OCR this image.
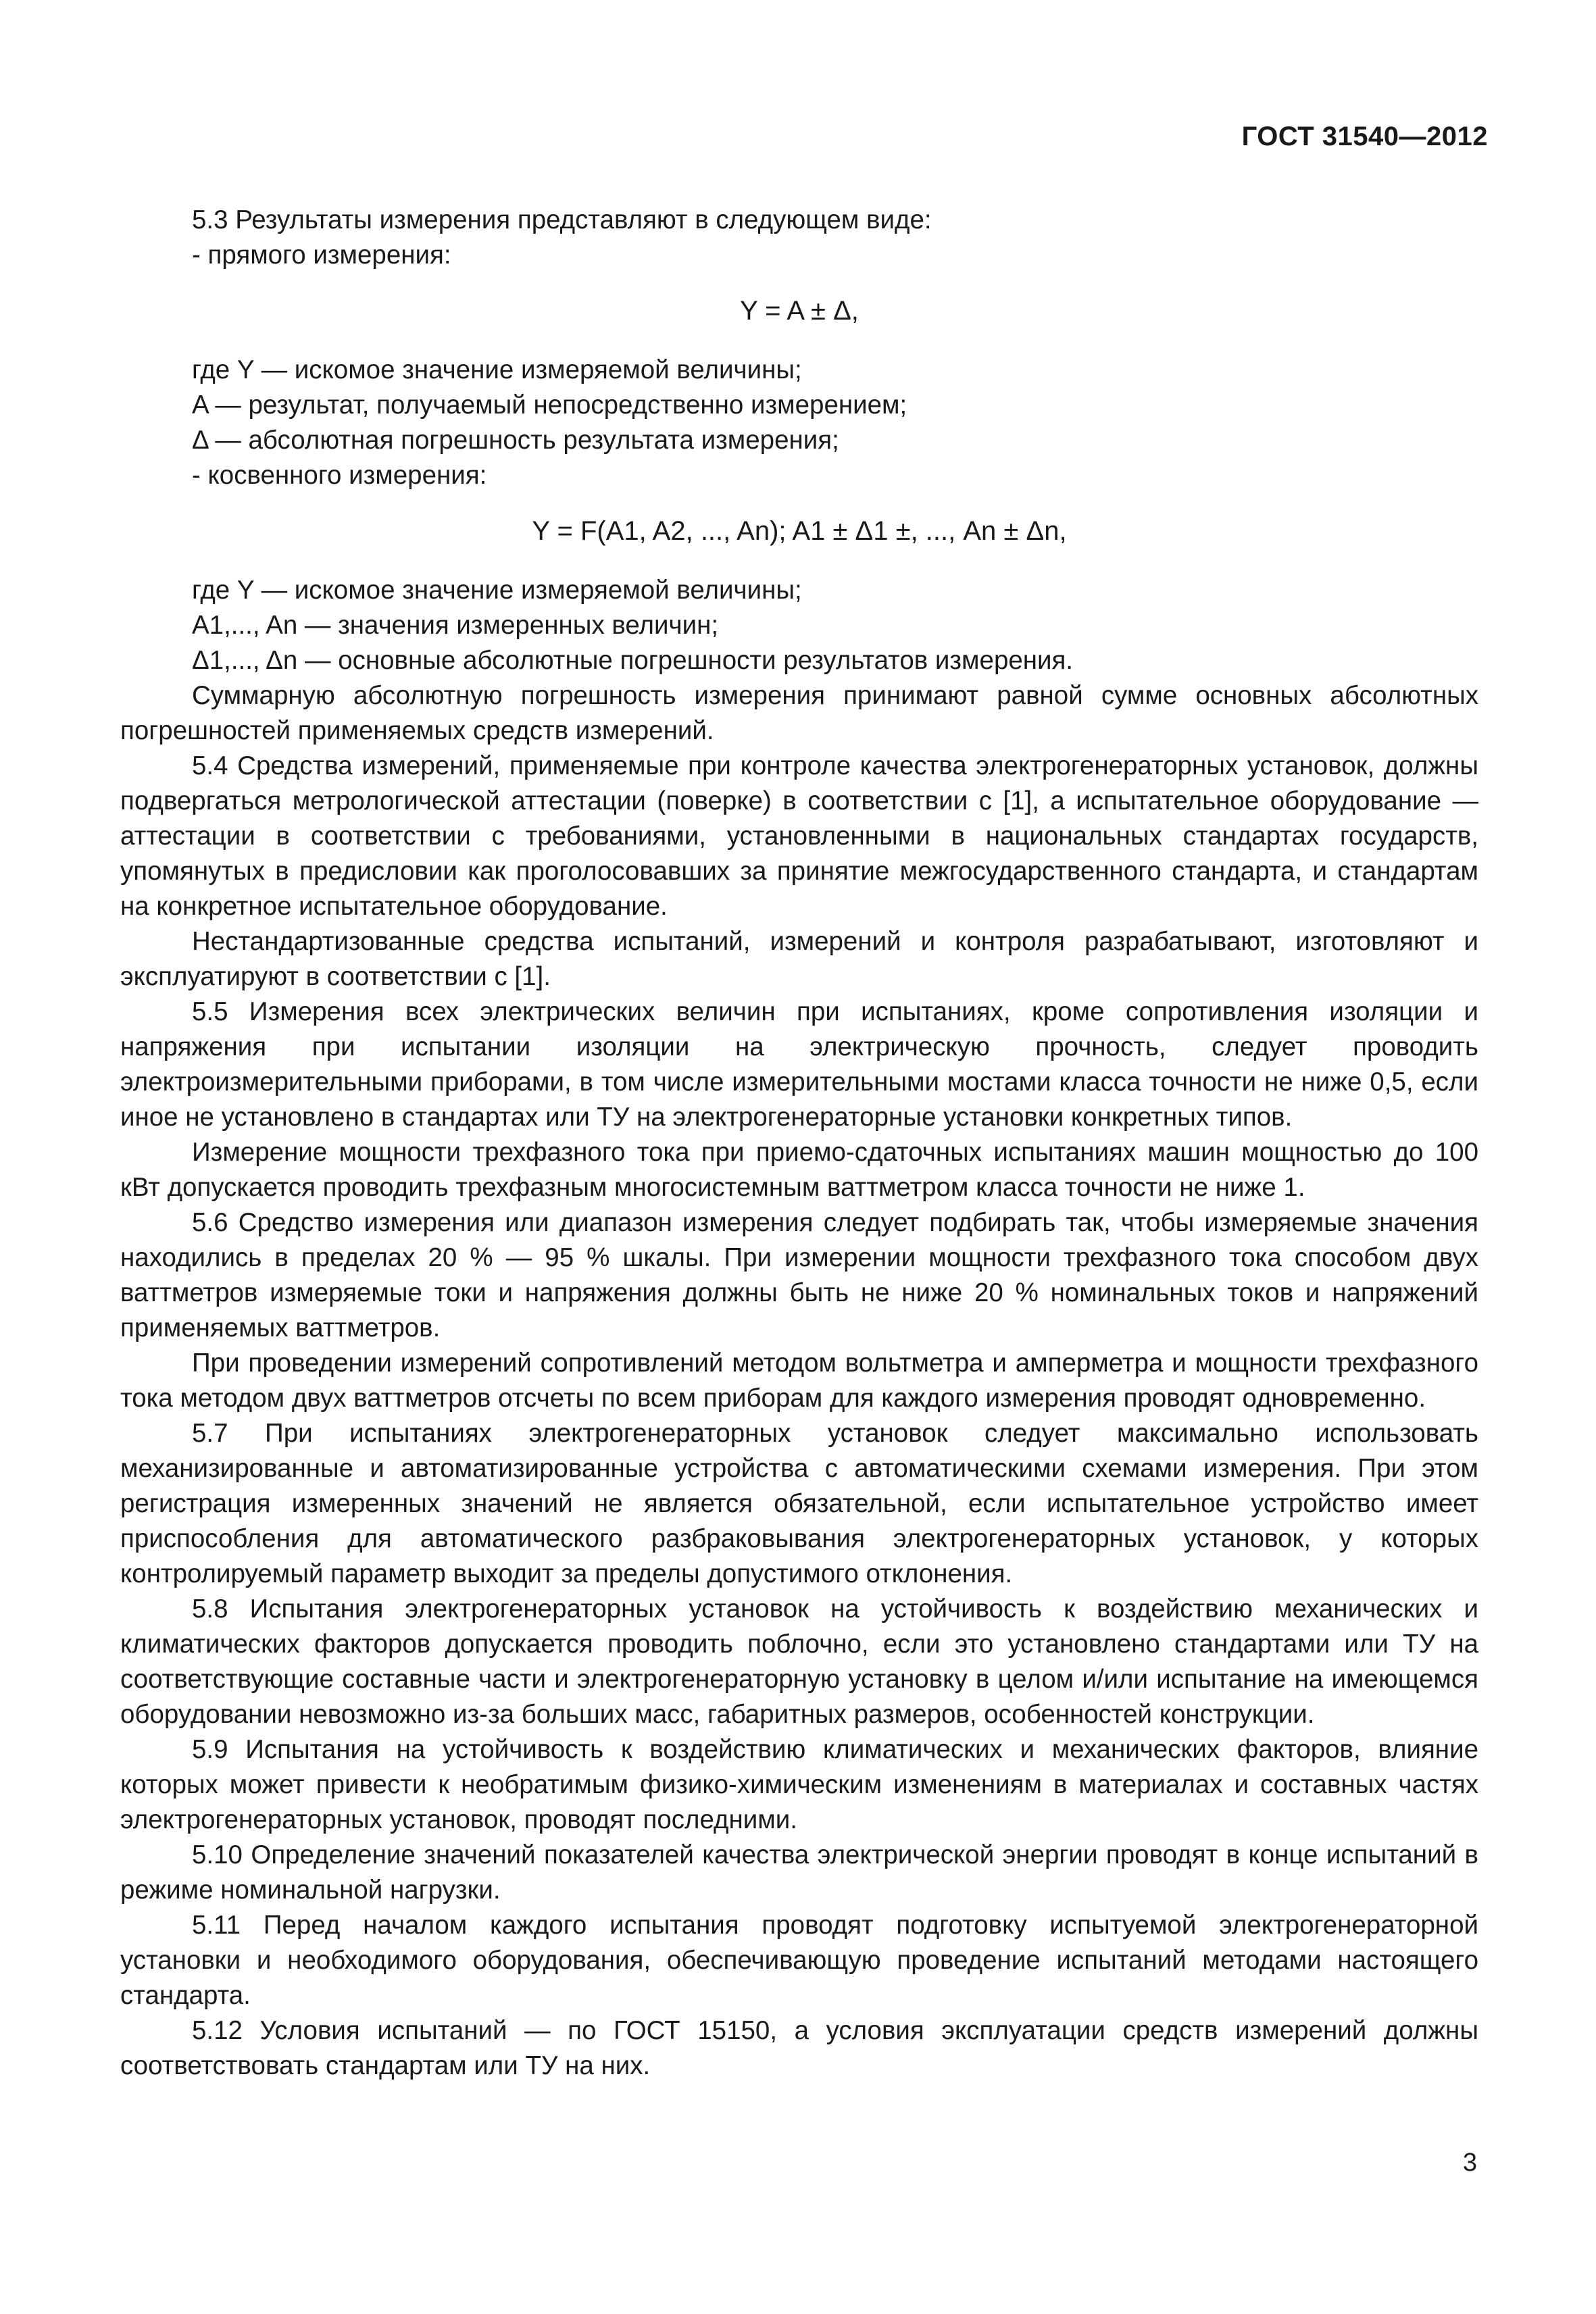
ГОСТ 31540—2012

5.3 Результаты измерения представляют в следующем виде:

- прямого измерения:

Y = A ± Δ,

где Y — искомое значение измеряемой величины;

A — результат, получаемый непосредственно измерением;

Δ — абсолютная погрешность результата измерения;

- косвенного измерения:

Y = F(A1, A2, ..., An); A1 ± Δ1 ±, ..., An ± Δn,

где Y — искомое значение измеряемой величины;

A1,..., An — значения измеренных величин;

Δ1,..., Δn — основные абсолютные погрешности результатов измерения.

Суммарную абсолютную погрешность измерения принимают равной сумме основных абсолютных погрешностей применяемых средств измерений.

5.4 Средства измерений, применяемые при контроле качества электрогенераторных установок, должны подвергаться метрологической аттестации (поверке) в соответствии с [1], а испытательное оборудование — аттестации в соответствии с требованиями, установленными в национальных стандартах государств, упомянутых в предисловии как проголосовавших за принятие межгосударственного стандарта, и стандартам на конкретное испытательное оборудование.

Нестандартизованные средства испытаний, измерений и контроля разрабатывают, изготовляют и эксплуатируют в соответствии с [1].

5.5 Измерения всех электрических величин при испытаниях, кроме сопротивления изоляции и напряжения при испытании изоляции на электрическую прочность, следует проводить электроизмерительными приборами, в том числе измерительными мостами класса точности не ниже 0,5, если иное не установлено в стандартах или ТУ на электрогенераторные установки конкретных типов.

Измерение мощности трехфазного тока при приемо-сдаточных испытаниях машин мощностью до 100 кВт допускается проводить трехфазным многосистемным ваттметром класса точности не ниже 1.

5.6 Средство измерения или диапазон измерения следует подбирать так, чтобы измеряемые значения находились в пределах 20 % — 95 % шкалы. При измерении мощности трехфазного тока способом двух ваттметров измеряемые токи и напряжения должны быть не ниже 20 % номинальных токов и напряжений применяемых ваттметров.

При проведении измерений сопротивлений методом вольтметра и амперметра и мощности трехфазного тока методом двух ваттметров отсчеты по всем приборам для каждого измерения проводят одновременно.

5.7 При испытаниях электрогенераторных установок следует максимально использовать механизированные и автоматизированные устройства с автоматическими схемами измерения. При этом регистрация измеренных значений не является обязательной, если испытательное устройство имеет приспособления для автоматического разбраковывания электрогенераторных установок, у которых контролируемый параметр выходит за пределы допустимого отклонения.

5.8 Испытания электрогенераторных установок на устойчивость к воздействию механических и климатических факторов допускается проводить поблочно, если это установлено стандартами или ТУ на соответствующие составные части и электрогенераторную установку в целом и/или испытание на имеющемся оборудовании невозможно из-за больших масс, габаритных размеров, особенностей конструкции.

5.9 Испытания на устойчивость к воздействию климатических и механических факторов, влияние которых может привести к необратимым физико-химическим изменениям в материалах и составных частях электрогенераторных установок, проводят последними.

5.10 Определение значений показателей качества электрической энергии проводят в конце испытаний в режиме номинальной нагрузки.

5.11 Перед началом каждого испытания проводят подготовку испытуемой электрогенераторной установки и необходимого оборудования, обеспечивающую проведение испытаний методами настоящего стандарта.

5.12 Условия испытаний — по ГОСТ 15150, а условия эксплуатации средств измерений должны соответствовать стандартам или ТУ на них.

3
